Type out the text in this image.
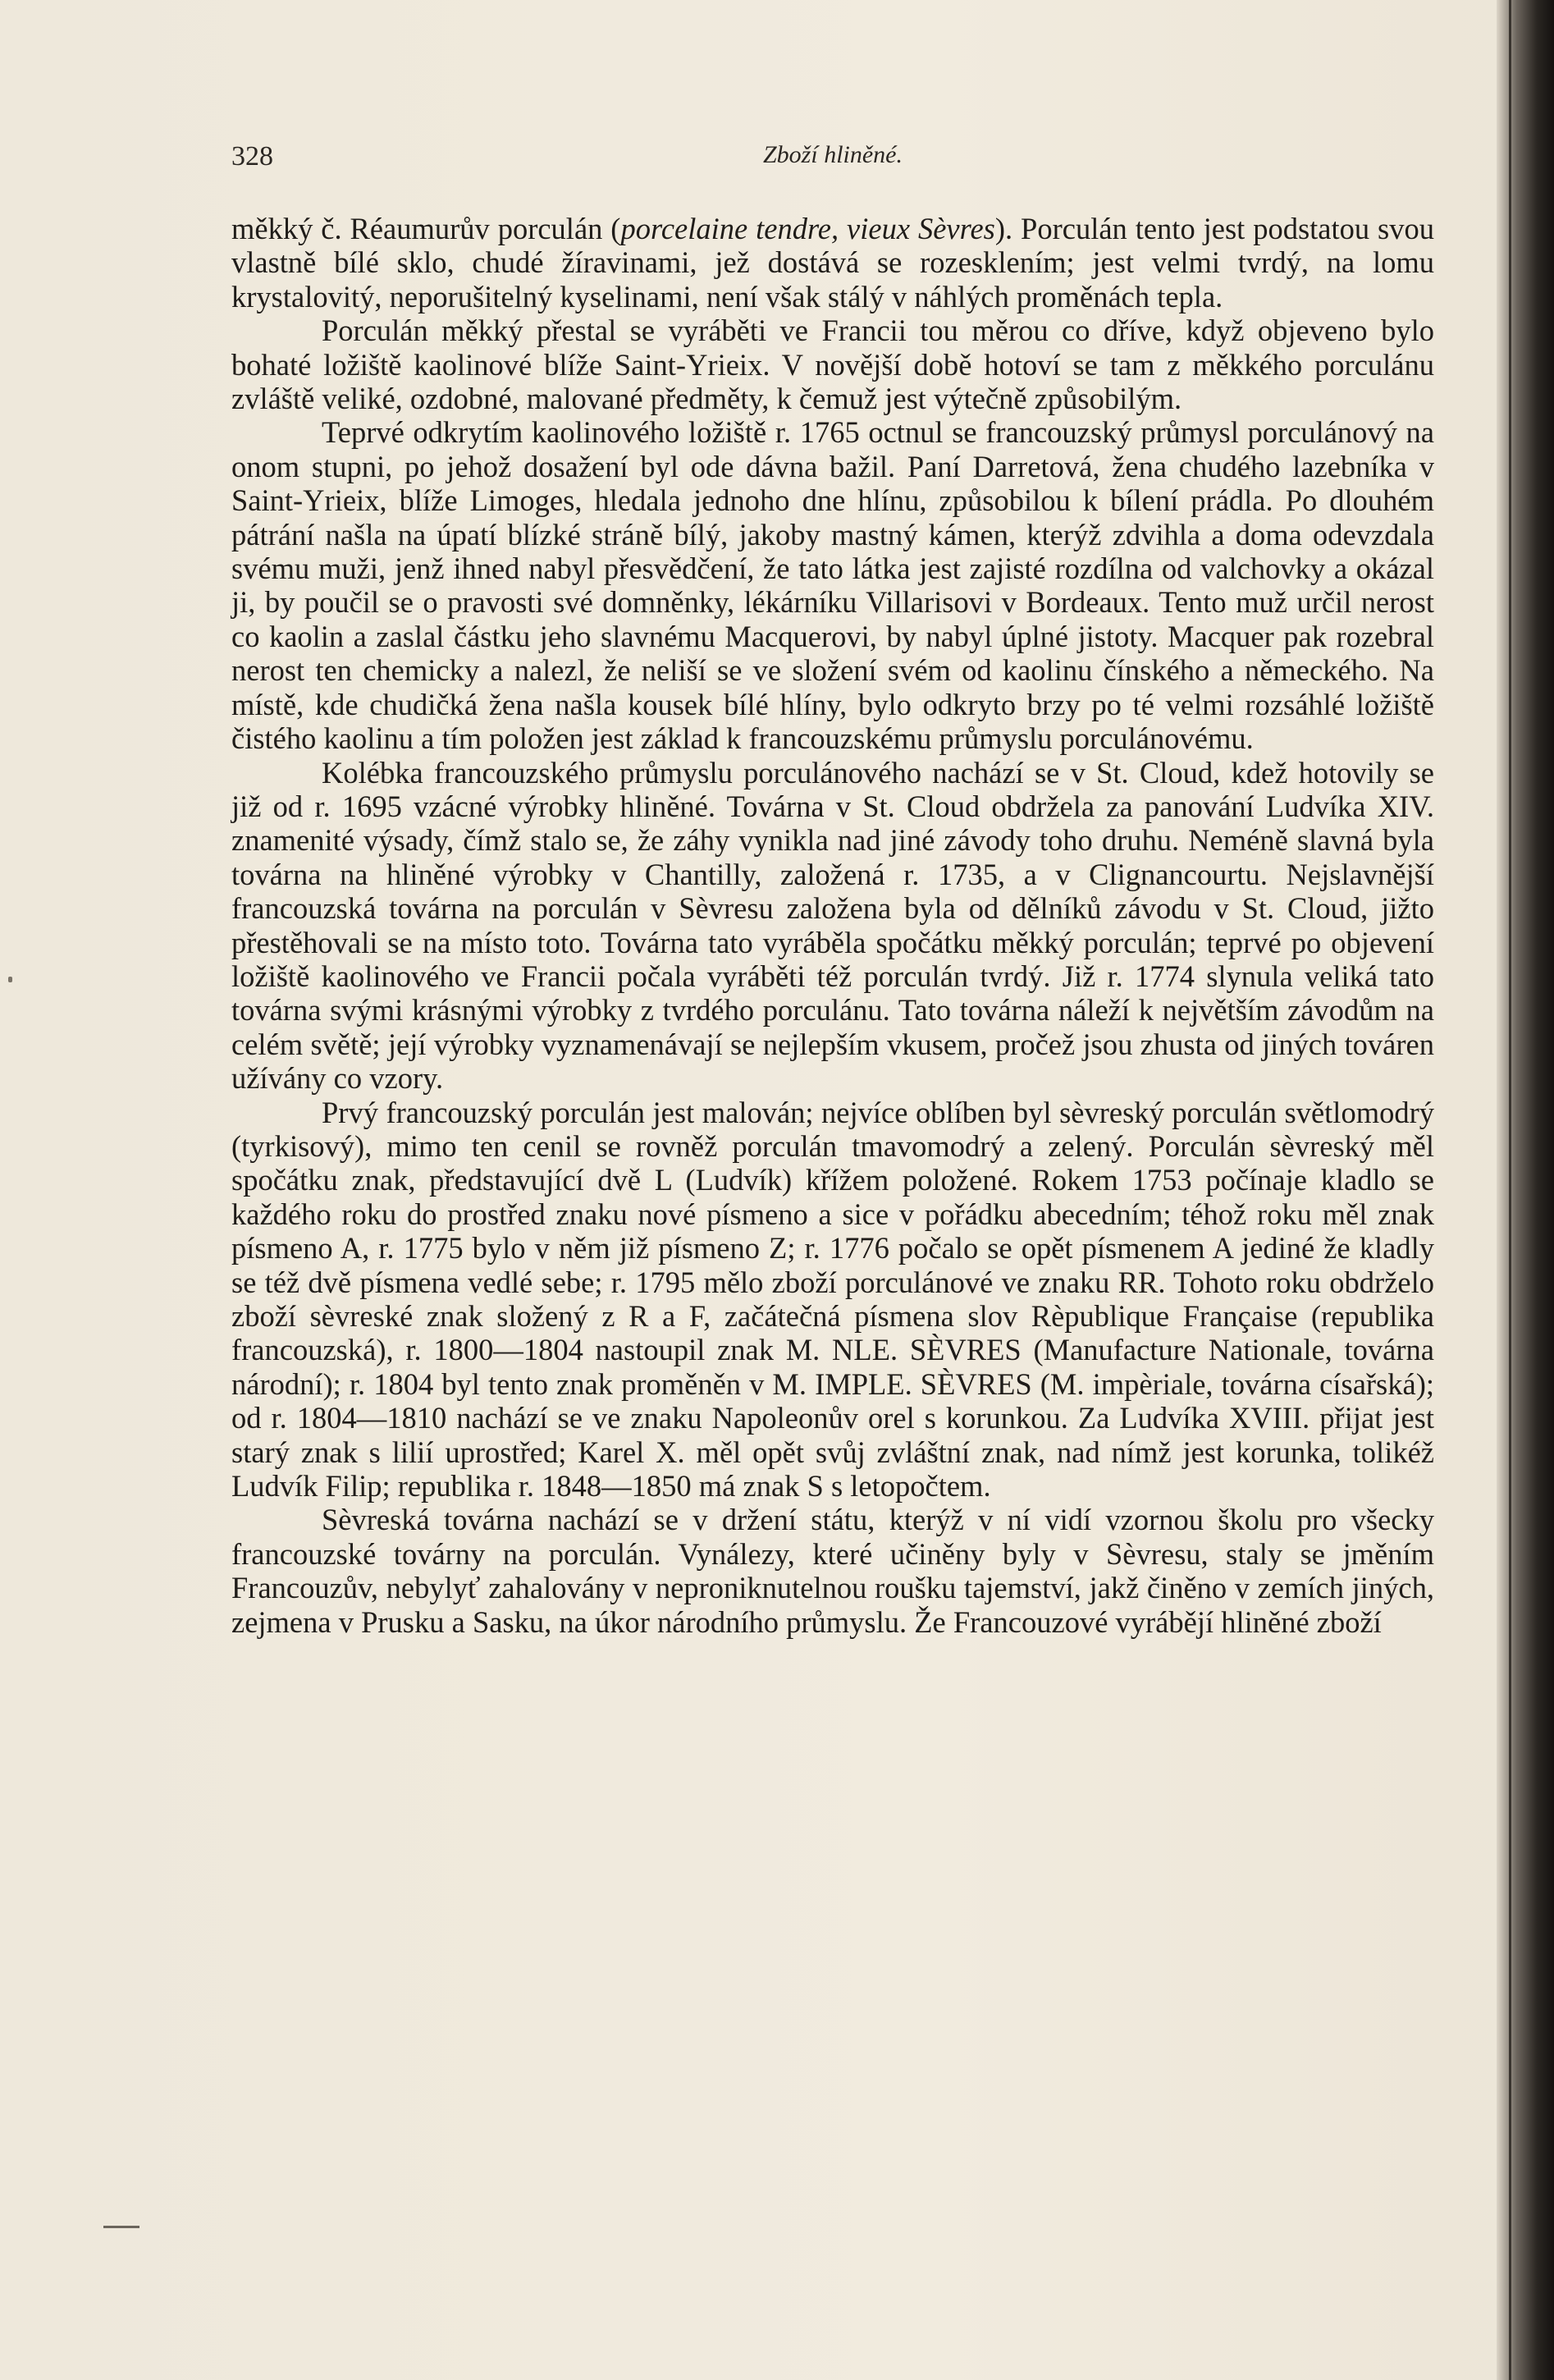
328	Zboží hliněné.

měkký č. Réaumurův porculán (porcelaine tendre, vieux Sèvres). Porculán tento jest podstatou svou vlastně bílé sklo, chudé žíravinami, jež dostává se rozesklením; jest velmi tvrdý, na lomu krystalovitý, neporušitelný kyselinami, není však stálý v náhlých proměnách tepla.

Porculán měkký přestal se vyráběti ve Francii tou měrou co dříve, když objeveno bylo bohaté ložiště kaolinové blíže Saint-Yrieix. V novější době hotoví se tam z měkkého porculánu zvláště veliké, ozdobné, malované předměty, k čemuž jest výtečně způsobilým.

Teprvé odkrytím kaolinového ložiště r. 1765 octnul se francouzský průmysl porculánový na onom stupni, po jehož dosažení byl ode dávna bažil. Paní Darretová, žena chudého lazebníka v Saint-Yrieix, blíže Limoges, hledala jednoho dne hlínu, způsobilou k bílení prádla. Po dlouhém pátrání našla na úpatí blízké stráně bílý, jakoby mastný kámen, kterýž zdvihla a doma odevzdala svému muži, jenž ihned nabyl přesvědčení, že tato látka jest zajisté rozdílna od valchovky a okázal ji, by poučil se o pravosti své domněnky, lékárníku Villarisovi v Bordeaux. Tento muž určil nerost co kaolin a zaslal částku jeho slavnému Macquerovi, by nabyl úplné jistoty. Macquer pak rozebral nerost ten chemicky a nalezl, že neliší se ve složení svém od kaolinu čínského a německého. Na místě, kde chudičká žena našla kousek bílé hlíny, bylo odkryto brzy po té velmi rozsáhlé ložiště čistého kaolinu a tím položen jest základ k francouzskému průmyslu porculánovému.

Kolébka francouzského průmyslu porculánového nachází se v St. Cloud, kdež hotovily se již od r. 1695 vzácné výrobky hliněné. Továrna v St. Cloud obdržela za panování Ludvíka XIV. znamenité výsady, čímž stalo se, že záhy vynikla nad jiné závody toho druhu. Neméně slavná byla továrna na hliněné výrobky v Chantilly, založená r. 1735, a v Clignancourtu. Nejslavnější francouzská továrna na porculán v Sèvresu založena byla od dělníků závodu v St. Cloud, jižto přestěhovali se na místo toto. Továrna tato vyráběla spočátku měkký porculán; teprvé po objevení ložiště kaolinového ve Francii počala vyráběti též porculán tvrdý. Již r. 1774 slynula veliká tato továrna svými krásnými výrobky z tvrdého porculánu. Tato továrna náleží k největším závodům na celém světě; její výrobky vyznamenávají se nejlepším vkusem, pročež jsou zhusta od jiných továren užívány co vzory.

Prvý francouzský porculán jest malován; nejvíce oblíben byl sèvreský porculán světlomodrý (tyrkisový), mimo ten cenil se rovněž porculán tmavomodrý a zelený. Porculán sèvreský měl spočátku znak, představující dvě L (Ludvík) křížem položené. Rokem 1753 počínaje kladlo se každého roku do prostřed znaku nové písmeno a sice v pořádku abecedním; téhož roku měl znak písmeno A, r. 1775 bylo v něm již písmeno Z; r. 1776 počalo se opět písmenem A jediné že kladly se též dvě písmena vedlé sebe; r. 1795 mělo zboží porculánové ve znaku RR. Tohoto roku obdrželo zboží sèvreské znak složený z R a F, začátečná písmena slov Rèpublique Française (republika francouzská), r. 1800—1804 nastoupil znak M. NLE. SÈVRES (Manufacture Nationale, továrna národní); r. 1804 byl tento znak proměněn v M. IMPLE. SÈVRES (M. impèriale, továrna císařská); od r. 1804—1810 nachází se ve znaku Napoleonův orel s korunkou. Za Ludvíka XVIII. přijat jest starý znak s lilií uprostřed; Karel X. měl opět svůj zvláštní znak, nad nímž jest korunka, tolikéž Ludvík Filip; republika r. 1848—1850 má znak S s letopočtem.

Sèvreská továrna nachází se v držení státu, kterýž v ní vidí vzornou školu pro všecky francouzské továrny na porculán. Vynálezy, které učiněny byly v Sèvresu, staly se jměním Francouzův, nebylyť zahalovány v neproniknutelnou roušku tajemství, jakž činěno v zemích jiných, zejmena v Prusku a Sasku, na úkor národního průmyslu. Že Francouzové vyrábějí hliněné zboží
